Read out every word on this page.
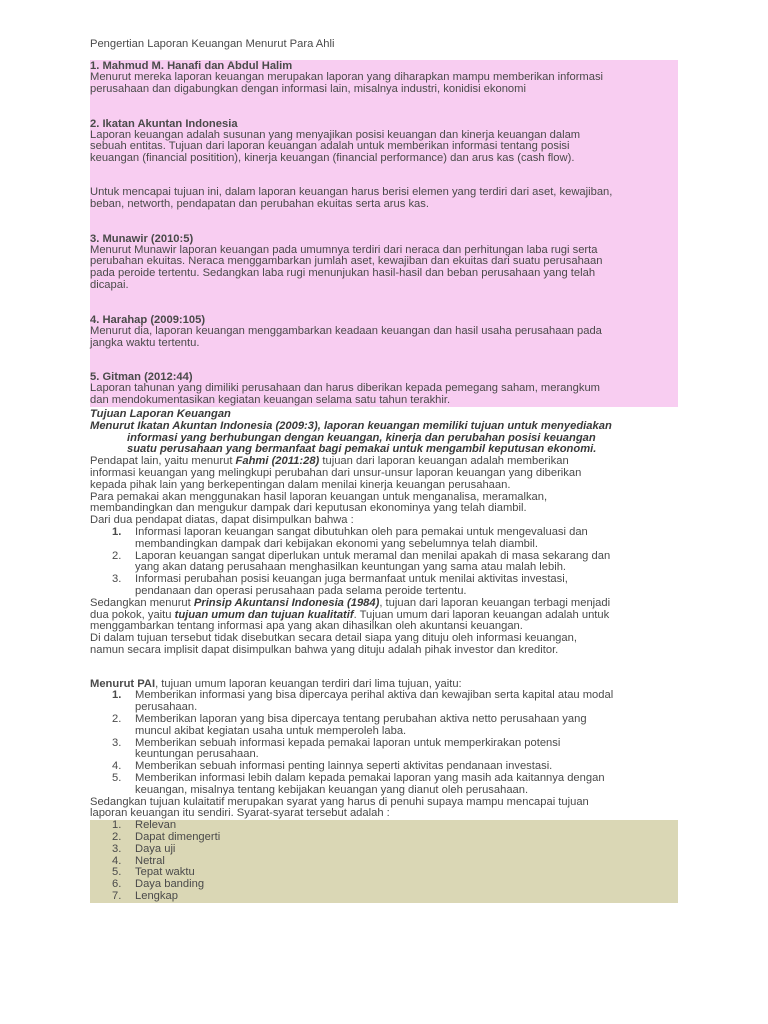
Pengertian Laporan Keuangan Menurut Para Ahli
1. Mahmud M. Hanafi dan Abdul Halim

Menurut mereka laporan keuangan merupakan laporan yang diharapkan mampu memberikan informasi

perusahaan dan digabungkan dengan informasi lain, misalnya industri, konidisi ekonomi

2. Ikatan Akuntan Indonesia

Laporan keuangan adalah susunan yang menyajikan posisi keuangan dan kinerja keuangan dalam

sebuah entitas. Tujuan dari laporan keuangan adalah untuk memberikan informasi tentang posisi

keuangan (financial positition), kinerja keuangan (financial performance) dan arus kas (cash flow).

Untuk mencapai tujuan ini, dalam laporan keuangan harus berisi elemen yang terdiri dari aset, kewajiban,

beban, networth, pendapatan dan perubahan ekuitas serta arus kas.

3. Munawir (2010:5)

Menurut Munawir laporan keuangan pada umumnya terdiri dari neraca dan perhitungan laba rugi serta

perubahan ekuitas. Neraca menggambarkan jumlah aset, kewajiban dan ekuitas dari suatu perusahaan

pada peroide tertentu. Sedangkan laba rugi menunjukan hasil-hasil dan beban perusahaan yang telah

dicapai.

4. Harahap (2009:105)

Menurut dia, laporan keuangan menggambarkan keadaan keuangan dan hasil usaha perusahaan pada

jangka waktu tertentu.

5. Gitman (2012:44)

Laporan tahunan yang dimiliki perusahaan dan harus diberikan kepada pemegang saham, merangkum

dan mendokumentasikan kegiatan keuangan selama satu tahun terakhir.

Tujuan Laporan Keuangan

Menurut Ikatan Akuntan Indonesia (2009:3), laporan keuangan memiliki tujuan untuk menyediakan

informasi yang berhubungan dengan keuangan, kinerja dan perubahan posisi keuangan

suatu perusahaan yang bermanfaat bagi pemakai untuk mengambil keputusan ekonomi.

Pendapat lain, yaitu menurut Fahmi (2011:28) tujuan dari laporan keuangan adalah memberikan

informasi keuangan yang melingkupi perubahan dari unsur-unsur laporan keuangan yang diberikan

kepada pihak lain yang berkepentingan dalam menilai kinerja keuangan perusahaan.

Para pemakai akan menggunakan hasil laporan keuangan untuk menganalisa, meramalkan,

membandingkan dan mengukur dampak dari keputusan ekonominya yang telah diambil.

Dari dua pendapat diatas, dapat disimpulkan bahwa :

1.	Informasi laporan keuangan sangat dibutuhkan oleh para pemakai untuk mengevaluasi dan
membandingkan dampak dari kebijakan ekonomi yang sebelumnya telah diambil.
2.	Laporan keuangan sangat diperlukan untuk meramal dan menilai apakah di masa sekarang dan
yang akan datang perusahaan menghasilkan keuntungan yang sama atau malah lebih.
3.	Informasi perubahan posisi keuangan juga bermanfaat untuk menilai aktivitas investasi,
pendanaan dan operasi perusahaan pada selama peroide tertentu.

Sedangkan menurut Prinsip Akuntansi Indonesia (1984), tujuan dari laporan keuangan terbagi menjadi

dua pokok, yaitu tujuan umum dan tujuan kualitatif. Tujuan umum dari laporan keuangan adalah untuk

menggambarkan tentang informasi apa yang akan dihasilkan oleh akuntansi keuangan.

Di dalam tujuan tersebut tidak disebutkan secara detail siapa yang dituju oleh informasi keuangan,

namun secara implisit dapat disimpulkan bahwa yang dituju adalah pihak investor dan kreditor.

Menurut PAI, tujuan umum laporan keuangan terdiri dari lima tujuan, yaitu:

1.	Memberikan informasi yang bisa dipercaya perihal aktiva dan kewajiban serta kapital atau modal
perusahaan.
2.	Memberikan laporan yang bisa dipercaya tentang perubahan aktiva netto perusahaan yang
muncul akibat kegiatan usaha untuk memperoleh laba.
3.	Memberikan sebuah informasi kepada pemakai laporan untuk memperkirakan potensi
keuntungan perusahaan.
4.	Memberikan sebuah informasi penting lainnya seperti aktivitas pendanaan investasi.
5.	Memberikan informasi lebih dalam kepada pemakai laporan yang masih ada kaitannya dengan
keuangan, misalnya tentang kebijakan keuangan yang dianut oleh perusahaan.

Sedangkan tujuan kulaitatif merupakan syarat yang harus di penuhi supaya mampu mencapai tujuan

laporan keuangan itu sendiri. Syarat-syarat tersebut adalah :

1.	Relevan
2.	Dapat dimengerti
3.	Daya uji
4.	Netral
5.	Tepat waktu
6.	Daya banding
7.	Lengkap
